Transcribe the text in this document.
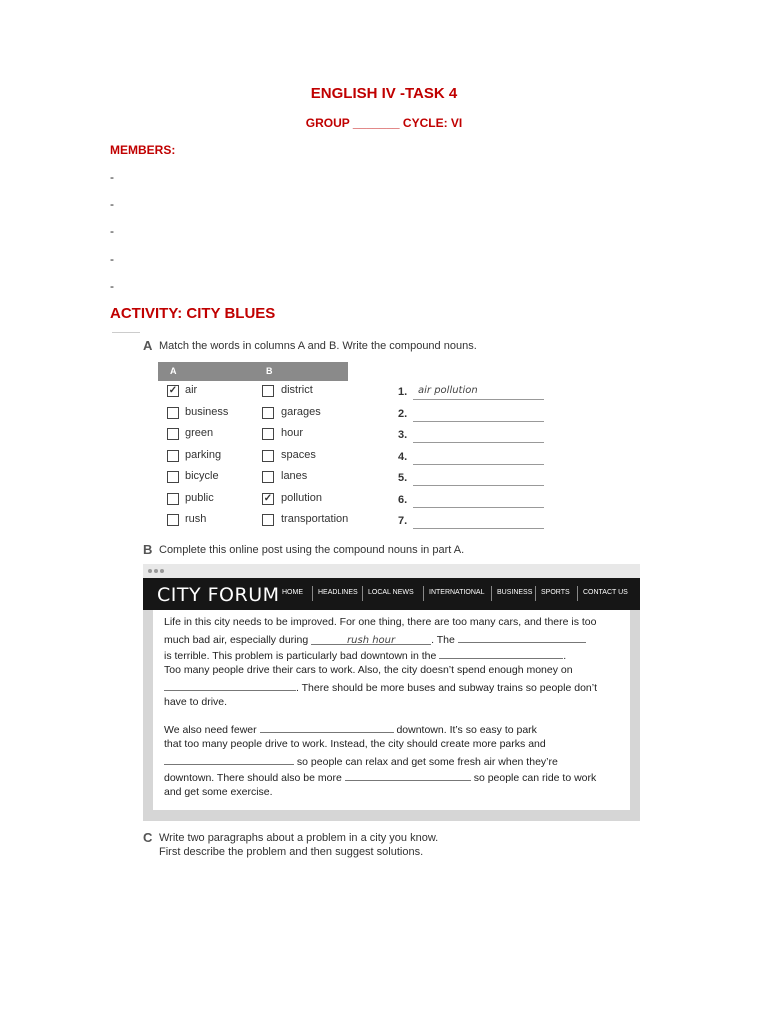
ENGLISH IV -TASK 4
GROUP _______ CYCLE: VI
MEMBERS:
-
-
-
-
-
ACTIVITY: CITY BLUES
A Match the words in columns A and B. Write the compound nouns.
A	B
✓ air	district
business	garages
green	hour
parking	spaces
bicycle	lanes
public	✓ pollution
rush	transportation
1. air pollution
2.
3.
4.
5.
6.
7.
B Complete this online post using the compound nouns in part A.
CITY FORUM HOME HEADLINES LOCAL NEWS INTERNATIONAL BUSINESS SPORTS CONTACT US
Life in this city needs to be improved. For one thing, there are too many cars, and there is too
much bad air, especially during	rush hour	. The
is terrible. This problem is particularly bad downtown in the	.
Too many people drive their cars to work. Also, the city doesn’t spend enough money on
. There should be more buses and subway trains so people don’t
have to drive.
We also need fewer	downtown. It’s so easy to park
that too many people drive to work. Instead, the city should create more parks and
so people can relax and get some fresh air when they’re
downtown. There should also be more	so people can ride to work
and get some exercise.
C Write two paragraphs about a problem in a city you know.
First describe the problem and then suggest solutions.
